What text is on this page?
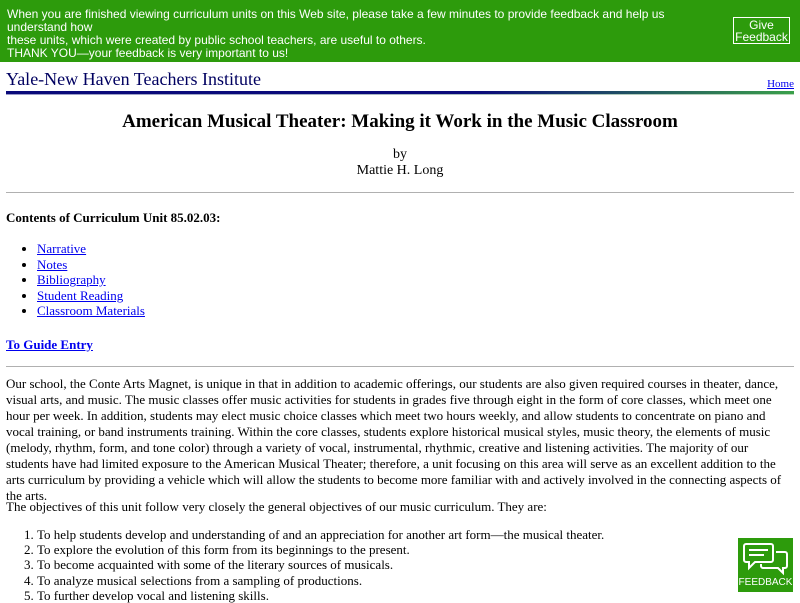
When you are finished viewing curriculum units on this Web site, please take a few minutes to provide feedback and help us understand how
these units, which were created by public school teachers, are useful to others.
THANK YOU—your feedback is very important to us!
Give
Feedback
Yale-New Haven Teachers Institute	Home
American Musical Theater: Making it Work in the Music Classroom
by
Mattie H. Long
Contents of Curriculum Unit 85.02.03:
• Narrative
• Notes
• Bibliography
• Student Reading
• Classroom Materials
To Guide Entry

Our school, the Conte Arts Magnet, is unique in that in addition to academic offerings, our students are also given required courses in theater, dance, visual arts, and music. The music classes offer music activities for students in grades five through eight in the form of core classes, which meet one hour per week. In addition, students may elect music choice classes which meet two hours weekly, and allow students to concentrate on piano and vocal training, or band instruments training. Within the core classes, students explore historical musical styles, music theory, the elements of music (melody, rhythm, form, and tone color) through a variety of vocal, instrumental, rhythmic, creative and listening activities. The majority of our students have had limited exposure to the American Musical Theater; therefore, a unit focusing on this area will serve as an excellent addition to the arts curriculum by providing a vehicle which will allow the students to become more familiar with and actively involved in the connecting aspects of the arts.

The objectives of this unit follow very closely the general objectives of our music curriculum. They are:

1. To help students develop and understanding of and an appreciation for another art form—the musical theater.
2. To explore the evolution of this form from its beginnings to the present.
3. To become acquainted with some of the literary sources of musicals.
4. To analyze musical selections from a sampling of productions.
5. To further develop vocal and listening skills.
FEEDBACK
